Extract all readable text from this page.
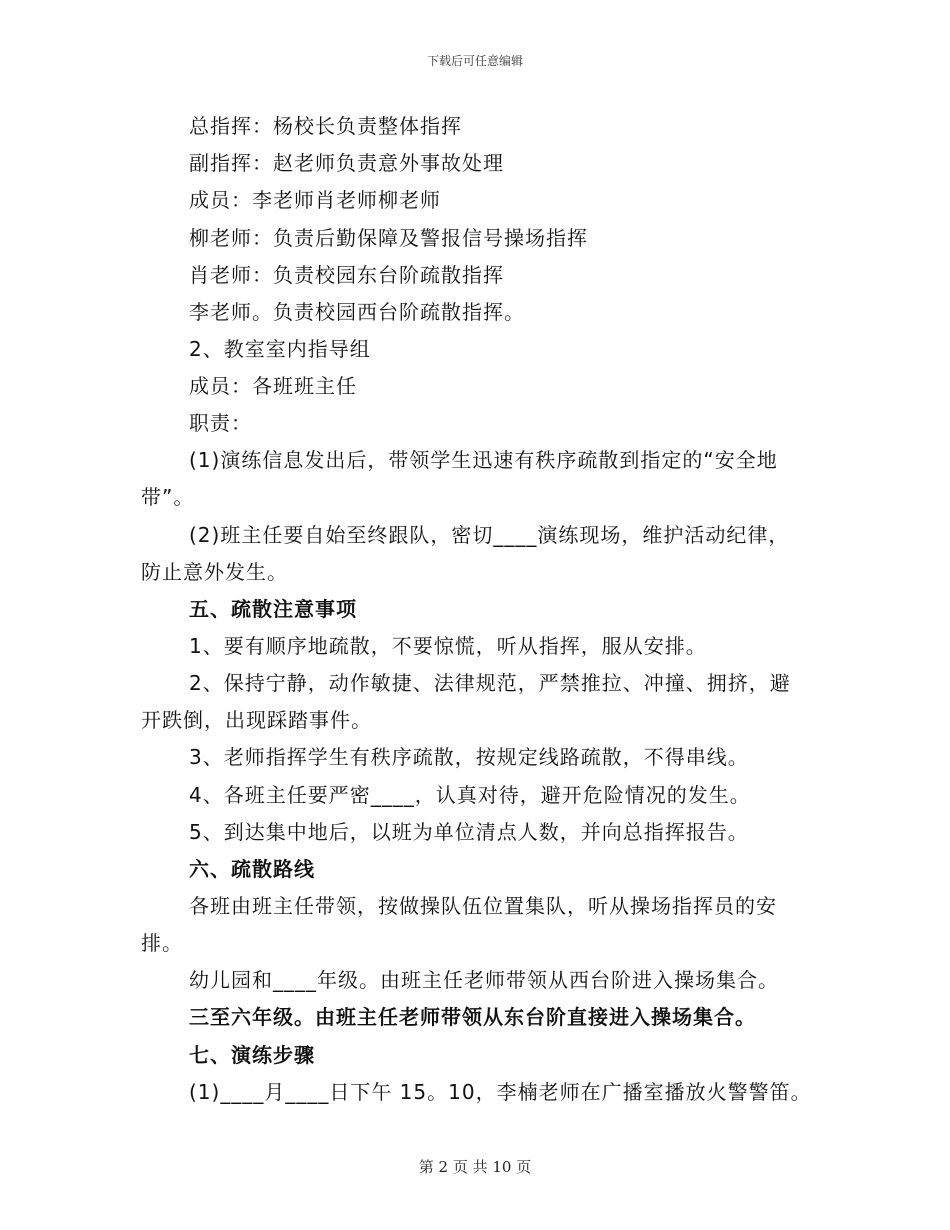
下载后可任意编辑
总指挥：杨校长负责整体指挥
副指挥：赵老师负责意外事故处理
成员：李老师肖老师柳老师
柳老师：负责后勤保障及警报信号操场指挥
肖老师：负责校园东台阶疏散指挥
李老师。负责校园西台阶疏散指挥。
2、教室室内指导组
成员：各班班主任
职责：
(1)演练信息发出后，带领学生迅速有秩序疏散到指定的“安全地
带”。
(2)班主任要自始至终跟队，密切____演练现场，维护活动纪律，
防止意外发生。
五、疏散注意事项
1、要有顺序地疏散，不要惊慌，听从指挥，服从安排。
2、保持宁静，动作敏捷、法律规范，严禁推拉、冲撞、拥挤，避
开跌倒，出现踩踏事件。
3、老师指挥学生有秩序疏散，按规定线路疏散，不得串线。
4、各班主任要严密____，认真对待，避开危险情况的发生。
5、到达集中地后，以班为单位清点人数，并向总指挥报告。
六、疏散路线
各班由班主任带领，按做操队伍位置集队，听从操场指挥员的安
排。
幼儿园和____年级。由班主任老师带领从西台阶进入操场集合。
三至六年级。由班主任老师带领从东台阶直接进入操场集合。
七、演练步骤
(1)____月____日下午 15。10，李楠老师在广播室播放火警警笛。
第 2 页 共 10 页
